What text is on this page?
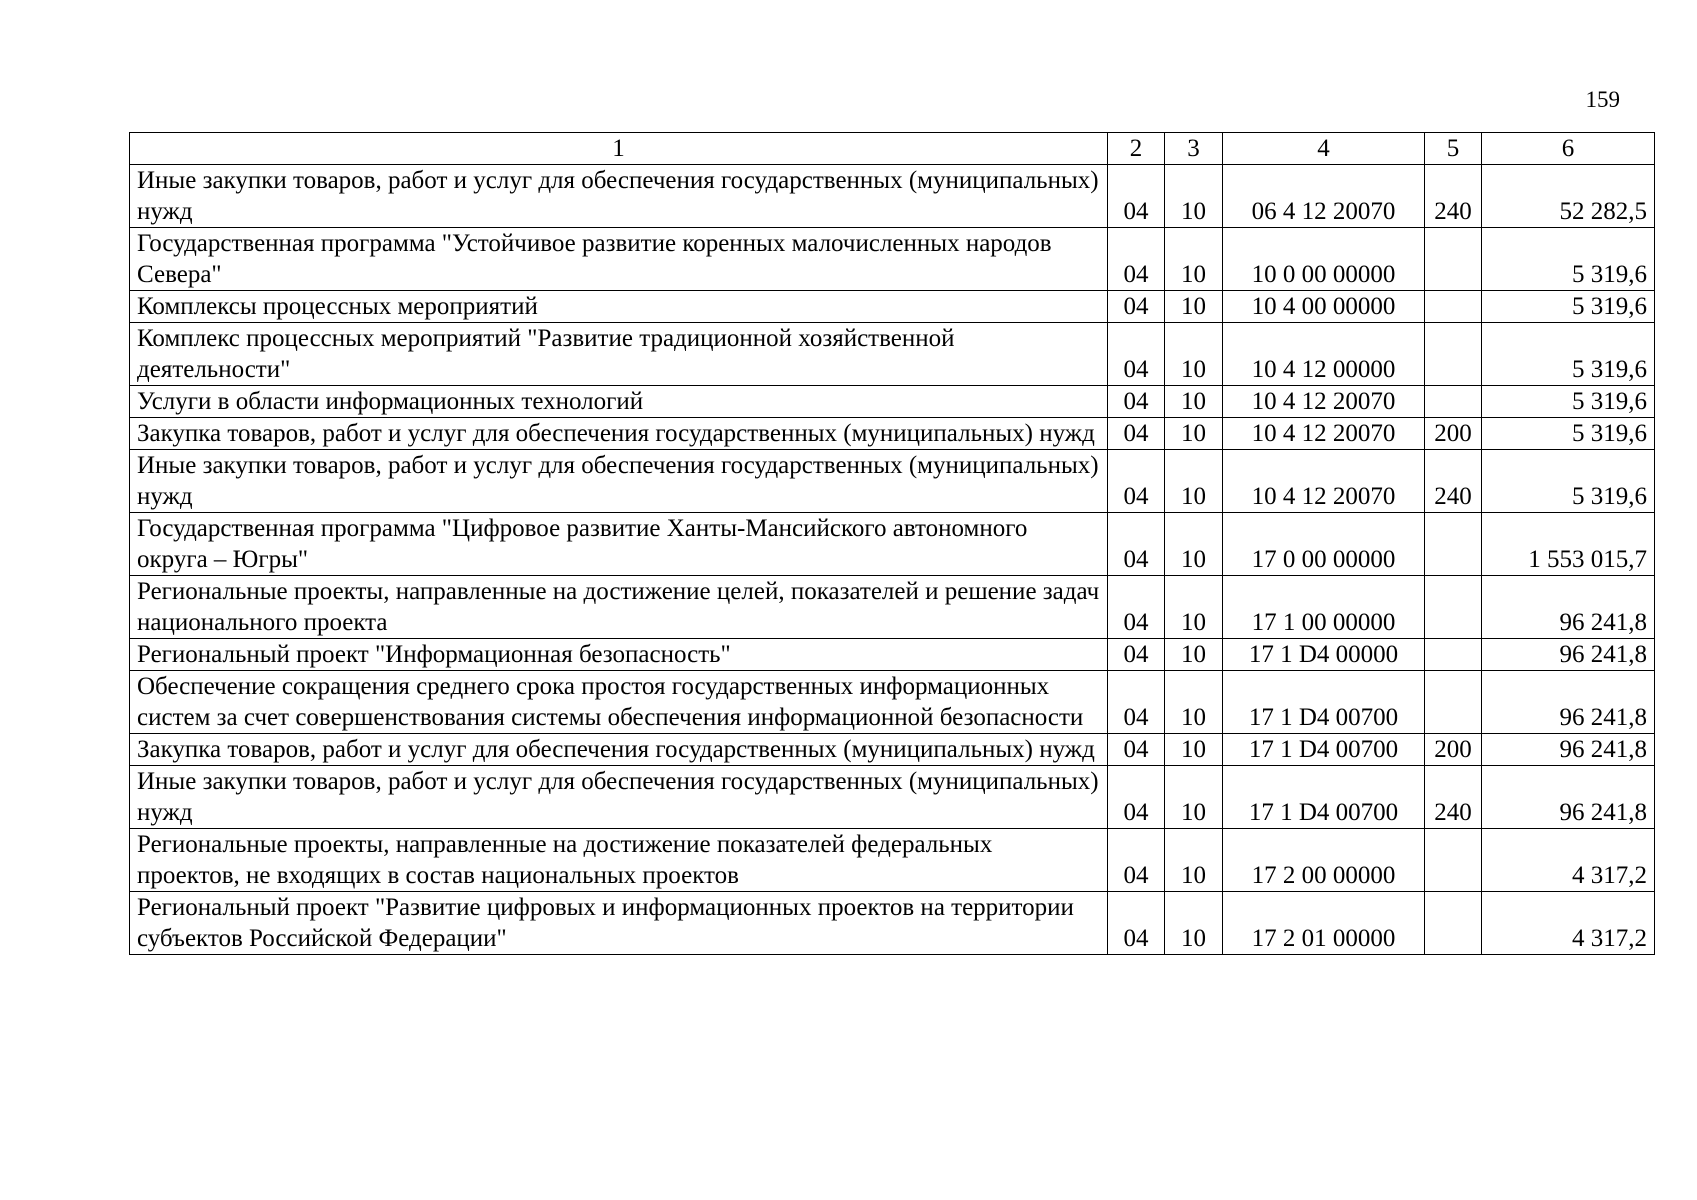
159
1	2	3	4	5	6
Иные закупки товаров, работ и услуг для обеспечения государственных (муниципальных) нужд	04	10	06 4 12 20070	240	52 282,5
Государственная программа "Устойчивое развитие коренных малочисленных народов Севера"	04	10	10 0 00 00000		5 319,6
Комплексы процессных мероприятий	04	10	10 4 00 00000		5 319,6
Комплекс процессных мероприятий "Развитие традиционной хозяйственной деятельности"	04	10	10 4 12 00000		5 319,6
Услуги в области информационных технологий	04	10	10 4 12 20070		5 319,6
Закупка товаров, работ и услуг для обеспечения государственных (муниципальных) нужд	04	10	10 4 12 20070	200	5 319,6
Иные закупки товаров, работ и услуг для обеспечения государственных (муниципальных) нужд	04	10	10 4 12 20070	240	5 319,6
Государственная программа "Цифровое развитие Ханты-Мансийского автономного округа – Югры"	04	10	17 0 00 00000		1 553 015,7
Региональные проекты, направленные на достижение целей, показателей и решение задач национального проекта	04	10	17 1 00 00000		96 241,8
Региональный проект "Информационная безопасность"	04	10	17 1 D4 00000		96 241,8
Обеспечение сокращения среднего срока простоя государственных информационных систем за счет совершенствования системы обеспечения информационной безопасности	04	10	17 1 D4 00700		96 241,8
Закупка товаров, работ и услуг для обеспечения государственных (муниципальных) нужд	04	10	17 1 D4 00700	200	96 241,8
Иные закупки товаров, работ и услуг для обеспечения государственных (муниципальных) нужд	04	10	17 1 D4 00700	240	96 241,8
Региональные проекты, направленные на достижение показателей федеральных проектов, не входящих в состав национальных проектов	04	10	17 2 00 00000		4 317,2
Региональный проект "Развитие цифровых и информационных проектов на территории субъектов Российской Федерации"	04	10	17 2 01 00000		4 317,2
